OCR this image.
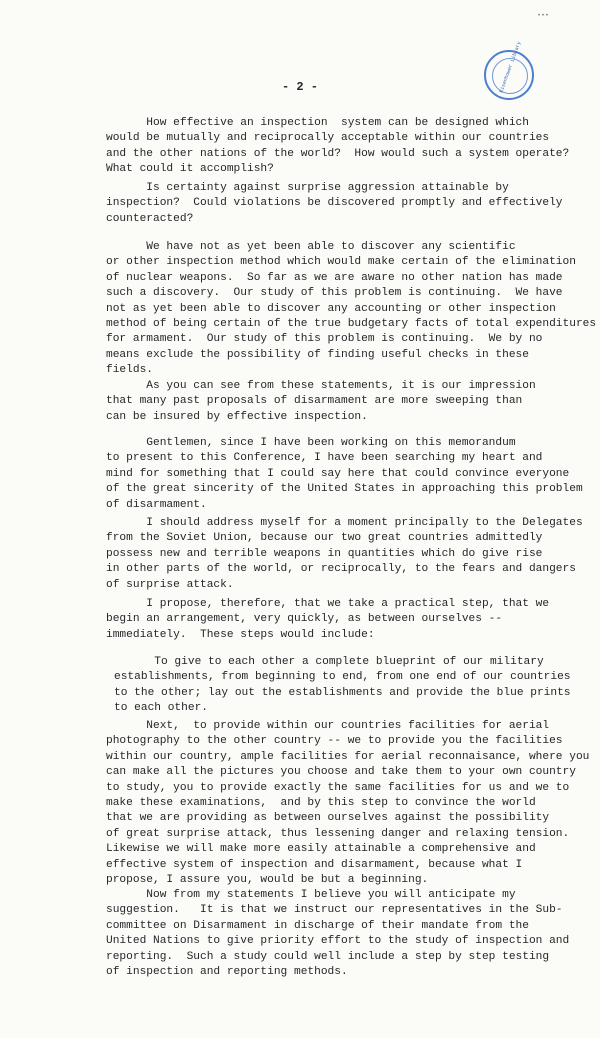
⋅⋅⋅
Eisenhower Library
- 2 -
How effective an inspection  system can be designed which
would be mutually and reciprocally acceptable within our countries
and the other nations of the world?  How would such a system operate?
What could it accomplish?
Is certainty against surprise aggression attainable by
inspection?  Could violations be discovered promptly and effectively
counteracted?
We have not as yet been able to discover any scientific
or other inspection method which would make certain of the elimination
of nuclear weapons.  So far as we are aware no other nation has made
such a discovery.  Our study of this problem is continuing.  We have
not as yet been able to discover any accounting or other inspection
method of being certain of the true budgetary facts of total expenditures
for armament.  Our study of this problem is continuing.  We by no
means exclude the possibility of finding useful checks in these
fields.
As you can see from these statements, it is our impression
that many past proposals of disarmament are more sweeping than
can be insured by effective inspection.
Gentlemen, since I have been working on this memorandum
to present to this Conference, I have been searching my heart and
mind for something that I could say here that could convince everyone
of the great sincerity of the United States in approaching this problem
of disarmament.
I should address myself for a moment principally to the Delegates
from the Soviet Union, because our two great countries admittedly
possess new and terrible weapons in quantities which do give rise
in other parts of the world, or reciprocally, to the fears and dangers
of surprise attack.
I propose, therefore, that we take a practical step, that we
begin an arrangement, very quickly, as between ourselves --
immediately.  These steps would include:
To give to each other a complete blueprint of our military
establishments, from beginning to end, from one end of our countries
to the other; lay out the establishments and provide the blue prints
to each other.
Next,  to provide within our countries facilities for aerial
photography to the other country -- we to provide you the facilities
within our country, ample facilities for aerial reconnaisance, where you
can make all the pictures you choose and take them to your own country
to study, you to provide exactly the same facilities for us and we to
make these examinations,  and by this step to convince the world
that we are providing as between ourselves against the possibility
of great surprise attack, thus lessening danger and relaxing tension.
Likewise we will make more easily attainable a comprehensive and
effective system of inspection and disarmament, because what I
propose, I assure you, would be but a beginning.
Now from my statements I believe you will anticipate my
suggestion.   It is that we instruct our representatives in the Sub-
committee on Disarmament in discharge of their mandate from the
United Nations to give priority effort to the study of inspection and
reporting.  Such a study could well include a step by step testing
of inspection and reporting methods.
